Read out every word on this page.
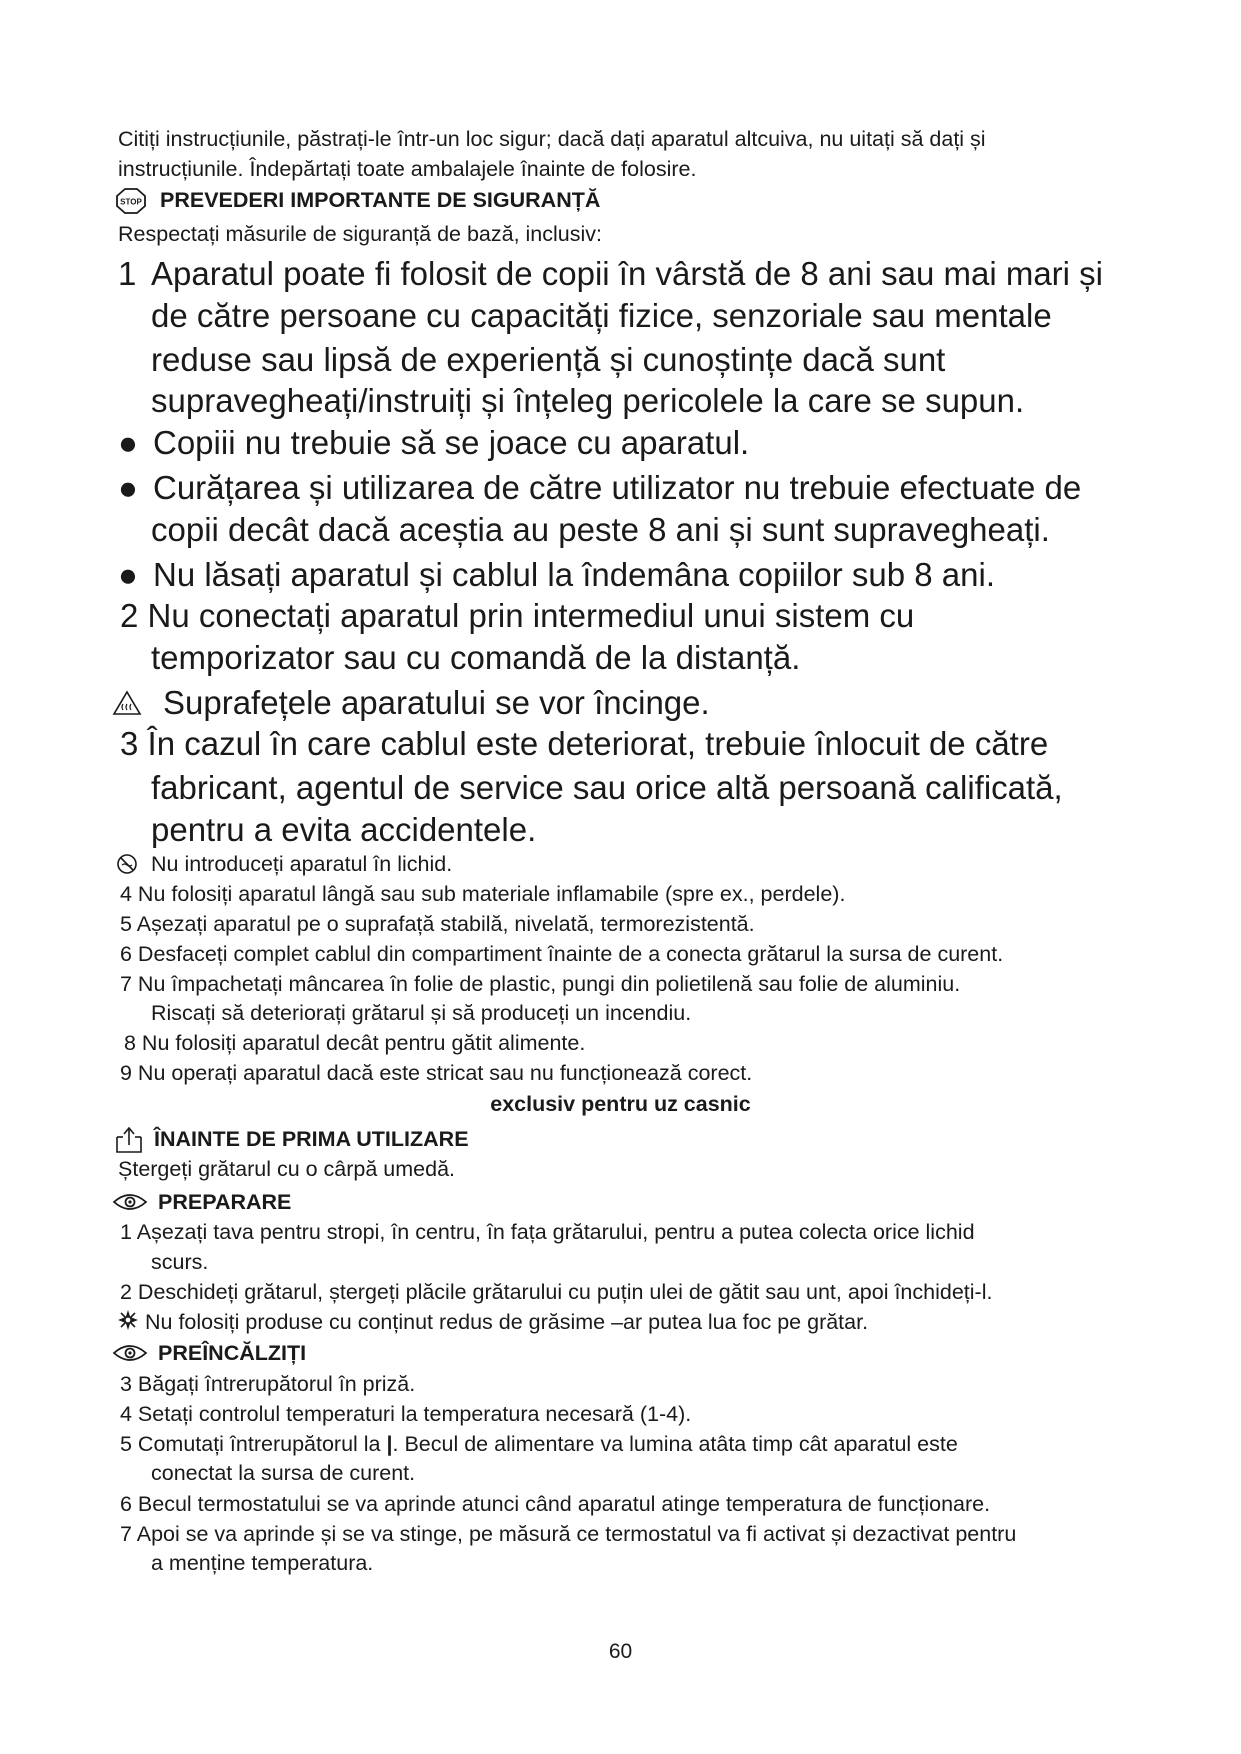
Citiți instrucțiunile, păstrați-le într-un loc sigur; dacă dați aparatul altcuiva, nu uitați să dați și
instrucțiunile. Îndepărtați toate ambalajele înainte de folosire.
STOP PREVEDERI IMPORTANTE DE SIGURANȚĂ
Respectați măsurile de siguranță de bază, inclusiv:
1 Aparatul poate fi folosit de copii în vârstă de 8 ani sau mai mari și
de către persoane cu capacități fizice, senzoriale sau mentale
reduse sau lipsă de experiență și cunoștințe dacă sunt
supravegheați/instruiți și înțeleg pericolele la care se supun.
● Copiii nu trebuie să se joace cu aparatul.
● Curățarea și utilizarea de către utilizator nu trebuie efectuate de
copii decât dacă aceștia au peste 8 ani și sunt supravegheați.
● Nu lăsați aparatul și cablul la îndemâna copiilor sub 8 ani.
2 Nu conectați aparatul prin intermediul unui sistem cu
temporizator sau cu comandă de la distanță.
Suprafețele aparatului se vor încinge.
3 În cazul în care cablul este deteriorat, trebuie înlocuit de către
fabricant, agentul de service sau orice altă persoană calificată,
pentru a evita accidentele.
Nu introduceți aparatul în lichid.
4 Nu folosiți aparatul lângă sau sub materiale inflamabile (spre ex., perdele).
5 Așezați aparatul pe o suprafață stabilă, nivelată, termorezistentă.
6 Desfaceți complet cablul din compartiment înainte de a conecta grătarul la sursa de curent.
7 Nu împachetați mâncarea în folie de plastic, pungi din polietilenă sau folie de aluminiu.
Riscați să deteriorați grătarul și să produceți un incendiu.
8 Nu folosiți aparatul decât pentru gătit alimente.
9 Nu operați aparatul dacă este stricat sau nu funcționează corect.
exclusiv pentru uz casnic
ÎNAINTE DE PRIMA UTILIZARE
Ștergeți grătarul cu o cârpă umedă.
PREPARARE
1 Așezați tava pentru stropi, în centru, în fața grătarului, pentru a putea colecta orice lichid
scurs.
2 Deschideți grătarul, ștergeți plăcile grătarului cu puțin ulei de gătit sau unt, apoi închideți-l.
Nu folosiți produse cu conținut redus de grăsime –ar putea lua foc pe grătar.
PREÎNCĂLZIȚI
3 Băgați întrerupătorul în priză.
4 Setați controlul temperaturi la temperatura necesară (1-4).
5 Comutați întrerupătorul la |. Becul de alimentare va lumina atâta timp cât aparatul este
conectat la sursa de curent.
6 Becul termostatului se va aprinde atunci când aparatul atinge temperatura de funcționare.
7 Apoi se va aprinde și se va stinge, pe măsură ce termostatul va fi activat și dezactivat pentru
a menține temperatura.
60
